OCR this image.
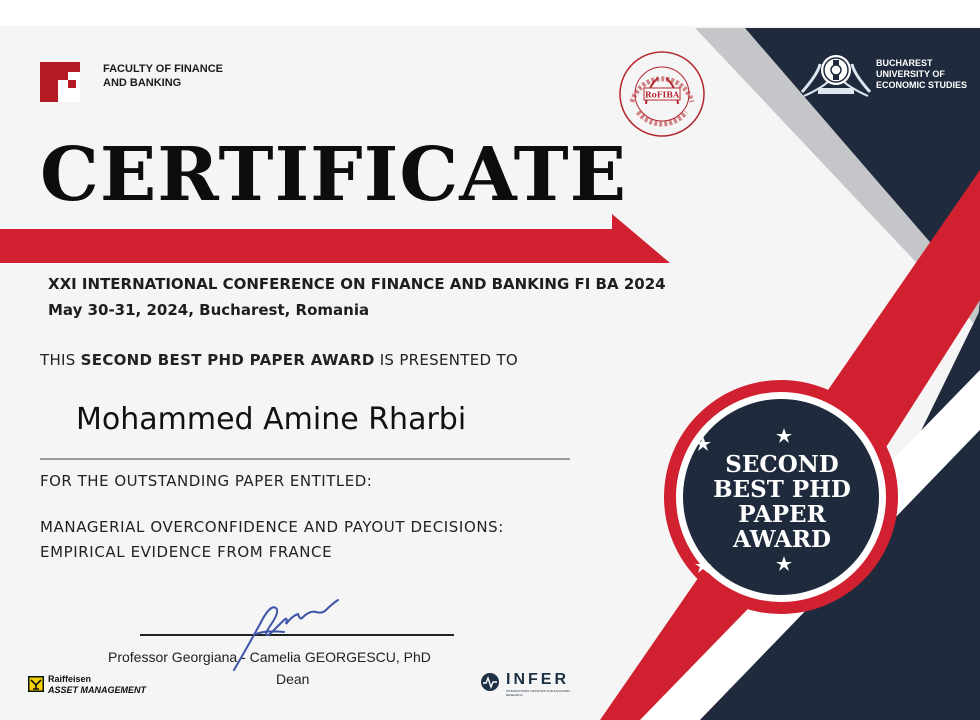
FACULTY OF FINANCE
AND BANKING
RoFIBA
BUCHAREST
UNIVERSITY OF
ECONOMIC STUDIES
CERTIFICATE
XXI INTERNATIONAL CONFERENCE ON FINANCE AND BANKING FI BA 2024
May 30-31, 2024, Bucharest, Romania
THIS SECOND BEST PHD PAPER AWARD IS PRESENTED TO
Mohammed Amine Rharbi
FOR THE OUTSTANDING PAPER ENTITLED:
MANAGERIAL OVERCONFIDENCE AND PAYOUT DECISIONS:
EMPIRICAL EVIDENCE FROM FRANCE
Professor Georgiana - Camelia GEORGESCU, PhD
Dean
SECOND
BEST PHD
PAPER
AWARD
Raiffeisen
ASSET MANAGEMENT
INFER
INTERNATIONAL NETWORK FOR ECONOMIC RESEARCH
